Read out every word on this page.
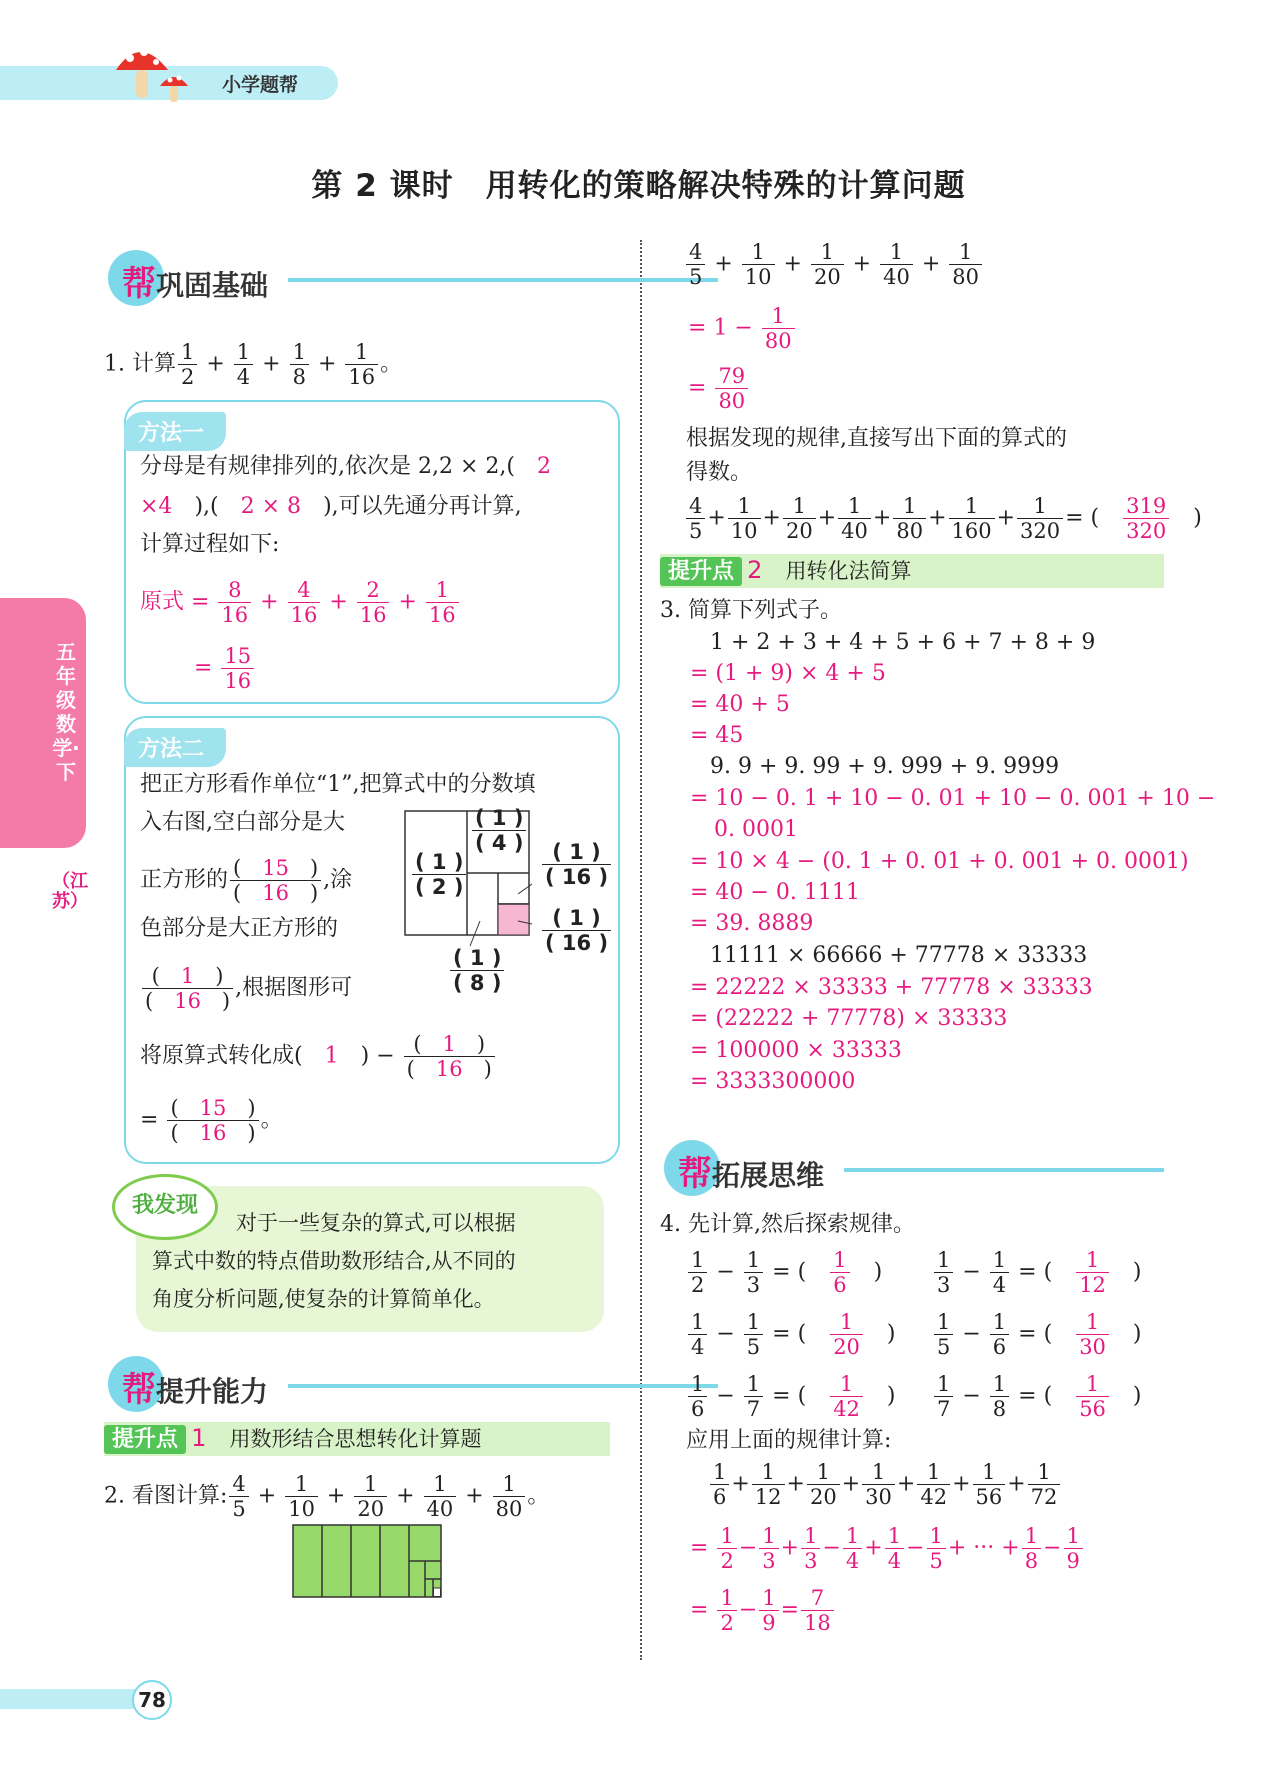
小学题帮
第 2 课时　用转化的策略解决特殊的计算问题
五年级数学·下
（江苏）
帮巩固基础
1. 计算 $\frac{1}{2} + \frac{1}{4} + \frac{1}{8} + \frac{1}{16}$ 。
方法一
分母是有规律排列的,依次是 2,2 × 2,(　 2
×4　 ),(　 2 × 8　 ),可以先通分再计算,
计算过程如下:
原式 = $\frac{8}{16} + \frac{4}{16} + \frac{2}{16} + \frac{1}{16}$
= $\frac{15}{16}$
方法二
把正方形看作单位“1”,把算式中的分数填
入右图,空白部分是大
正方形的 $\frac{( 15 )}{( 16 )}$ ,涂
色部分是大正方形的
$\frac{( 1 )}{( 16 )}$ ,根据图形可
将原算式转化成(　 1　 ) − $\frac{( 1 )}{( 16 )}$
= $\frac{( 15 )}{( 16 )}$ 。
$\frac{( 1 )}{( 2 )}$
$\frac{( 1 )}{( 4 )}$
$\frac{( 1 )}{( 16 )}$
$\frac{( 1 )}{( 16 )}$
$\frac{( 1 )}{( 8 )}$
我发现
对于一些复杂的算式,可以根据
算式中数的特点借助数形结合,从不同的
角度分析问题,使复杂的计算简单化。
帮提升能力
提升点 1 用数形结合思想转化计算题
2. 看图计算: $\frac{4}{5} + \frac{1}{10} + \frac{1}{20} + \frac{1}{40} + \frac{1}{80}$ 。
$\frac{4}{5} + \frac{1}{10} + \frac{1}{20} + \frac{1}{40} + \frac{1}{80}$
= $1 - \frac{1}{80}$
= $\frac{79}{80}$
根据发现的规律,直接写出下面的算式的
得数。
$\frac{4}{5} + \frac{1}{10} + \frac{1}{20} + \frac{1}{40} + \frac{1}{80} + \frac{1}{160} + \frac{1}{320}$ = (　 $\frac{319}{320}$ 　)
提升点 2 用转化法简算
3. 简算下列式子。
1 + 2 + 3 + 4 + 5 + 6 + 7 + 8 + 9
= (1 + 9) × 4 + 5
= 40 + 5
= 45
9. 9 + 9. 99 + 9. 999 + 9. 9999
= 10 − 0. 1 + 10 − 0. 01 + 10 − 0. 001 + 10 −
0. 0001
= 10 × 4 − (0. 1 + 0. 01 + 0. 001 + 0. 0001)
= 40 − 0. 1111
= 39. 8889
11111 × 66666 + 77778 × 33333
= 22222 × 33333 + 77778 × 33333
= (22222 + 77778) × 33333
= 100000 × 33333
= 3333300000
帮拓展思维
4. 先计算,然后探索规律。
$\frac{1}{2} - \frac{1}{3}$ = (　 $\frac{1}{6}$ 　) $\frac{1}{3} - \frac{1}{4}$ = (　 $\frac{1}{12}$ 　)
$\frac{1}{4} - \frac{1}{5}$ = (　 $\frac{1}{20}$ 　) $\frac{1}{5} - \frac{1}{6}$ = (　 $\frac{1}{30}$ 　)
$\frac{1}{6} - \frac{1}{7}$ = (　 $\frac{1}{42}$ 　) $\frac{1}{7} - \frac{1}{8}$ = (　 $\frac{1}{56}$ 　)
应用上面的规律计算:
$\frac{1}{6} + \frac{1}{12} + \frac{1}{20} + \frac{1}{30} + \frac{1}{42} + \frac{1}{56} + \frac{1}{72}$
= $\frac{1}{2} - \frac{1}{3} + \frac{1}{3} - \frac{1}{4} + \frac{1}{4} - \frac{1}{5}$ + ··· + $\frac{1}{8} - \frac{1}{9}$
= $\frac{1}{2} - \frac{1}{9} = \frac{7}{18}$
78
